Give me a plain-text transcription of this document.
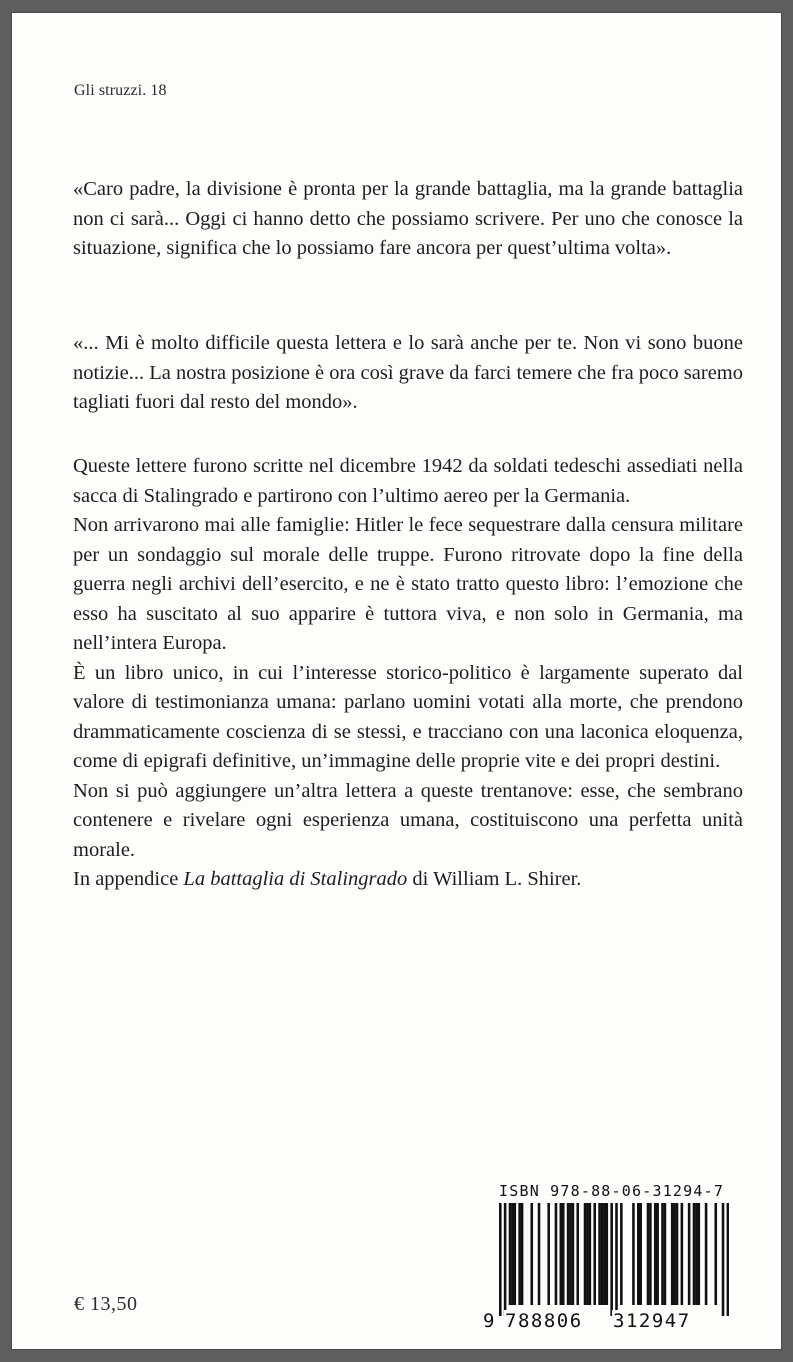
Gli struzzi. 18

«Caro padre, la divisione è pronta per la grande battaglia, ma la grande battaglia non ci sarà... Oggi ci hanno detto che possiamo scrivere. Per uno che conosce la situazione, significa che lo possiamo fare ancora per quest’ultima volta».

«... Mi è molto difficile questa lettera e lo sarà anche per te. Non vi sono buone notizie... La nostra posizione è ora così grave da farci temere che fra poco saremo tagliati fuori dal resto del mondo».

Queste lettere furono scritte nel dicembre 1942 da soldati tedeschi assediati nella sacca di Stalingrado e partirono con l’ultimo aereo per la Germania.

Non arrivarono mai alle famiglie: Hitler le fece sequestrare dalla censura militare per un sondaggio sul morale delle truppe. Furono ritrovate dopo la fine della guerra negli archivi dell’esercito, e ne è stato tratto questo libro: l’emozione che esso ha suscitato al suo apparire è tuttora viva, e non solo in Germania, ma nell’intera Europa.

È un libro unico, in cui l’interesse storico-politico è largamente superato dal valore di testimonianza umana: parlano uomini votati alla morte, che prendono drammaticamente coscienza di se stessi, e tracciano con una laconica eloquenza, come di epigrafi definitive, un’immagine delle proprie vite e dei propri destini.

Non si può aggiungere un’altra lettera a queste trentanove: esse, che sembrano contenere e rivelare ogni esperienza umana, costituiscono una perfetta unità morale.

In appendice La battaglia di Stalingrado di William L. Shirer.

ISBN 978-88-06-31294-7
9 788806 312947
€ 13,50
